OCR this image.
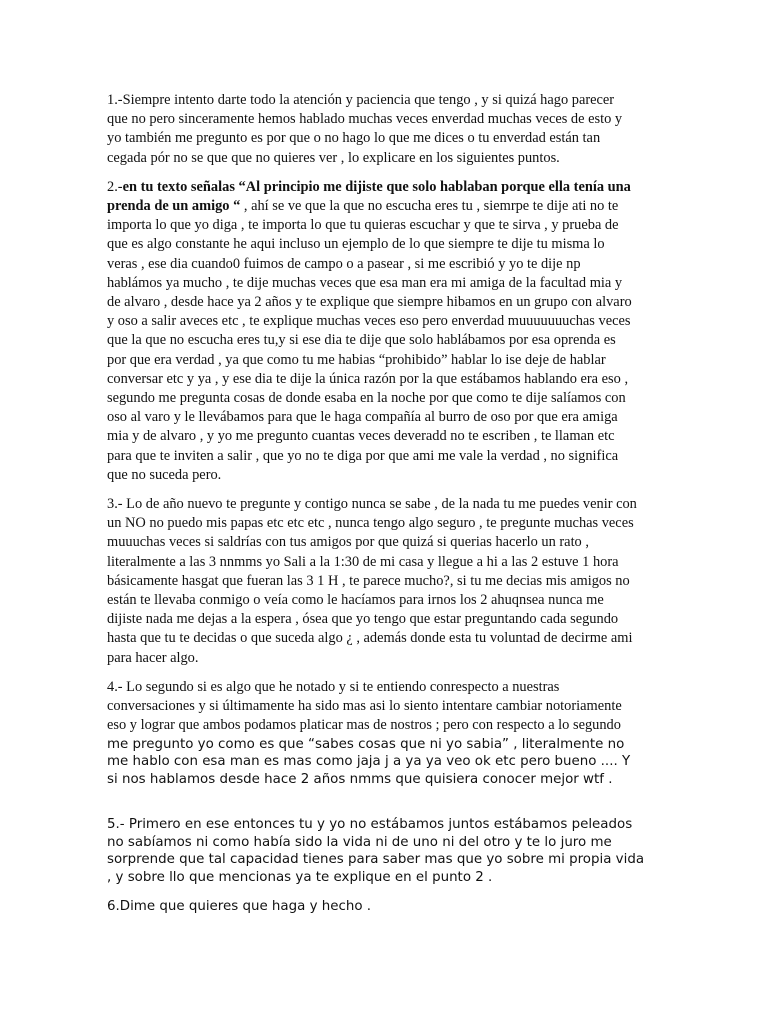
1.-Siempre intento darte todo la atención y paciencia que tengo , y si quizá hago parecer
que no pero sinceramente hemos hablado muchas veces enverdad muchas veces de esto y
yo también me pregunto es por que o no hago lo que me dices o tu enverdad están tan
cegada pór no se que que no quieres ver , lo explicare en los siguientes puntos.

2.-en tu texto señalas “Al principio me dijiste que solo hablaban porque ella tenía una
prenda de un amigo “ , ahí se ve que la que no escucha eres tu , siemrpe te dije ati no te
importa lo que yo diga , te importa lo que tu quieras escuchar y que te sirva , y prueba de
que es algo constante he aqui incluso un ejemplo de lo que siempre te dije tu misma lo
veras , ese dia cuando0 fuimos de campo o a pasear , si me escribió y yo te dije np
hablámos ya mucho , te dije muchas veces que esa man era mi amiga de la facultad mia y
de alvaro , desde hace ya 2 años y te explique que siempre hibamos en un grupo con alvaro
y oso a salir aveces etc , te explique muchas veces eso pero enverdad muuuuuuuchas veces
que la que no escucha eres tu,y si ese dia te dije que solo hablábamos por esa oprenda es
por que era verdad , ya que como tu me habias “prohibido” hablar lo ise deje de hablar
conversar etc y ya , y ese dia te dije la única razón por la que estábamos hablando era eso ,
segundo me pregunta cosas de donde esaba en la noche por que como te dije salíamos con
oso al varo y le llevábamos para que le haga compañía al burro de oso por que era amiga
mia y de alvaro , y yo me pregunto cuantas veces deveradd no te escriben , te llaman etc
para que te inviten a salir , que yo no te diga por que ami me vale la verdad , no significa
que no suceda pero.

3.- Lo de año nuevo te pregunte y contigo nunca se sabe , de la nada tu me puedes venir con
un NO no puedo mis papas etc etc etc , nunca tengo algo seguro , te pregunte muchas veces
muuuchas veces si saldrías con tus amigos por que quizá si querias hacerlo un rato ,
literalmente a las 3 nnmms yo Sali a la 1:30 de mi casa y llegue a hi a las 2 estuve 1 hora
básicamente hasgat que fueran las 3 1 H , te parece mucho?, si tu me decias mis amigos no
están te llevaba conmigo o veía como le hacíamos para irnos los 2 ahuqnsea nunca me
dijiste nada me dejas a la espera , ósea que yo tengo que estar preguntando cada segundo
hasta que tu te decidas o que suceda algo ¿ , además donde esta tu voluntad de decirme ami
para hacer algo.

4.- Lo segundo si es algo que he notado y si te entiendo conrespecto a nuestras
conversaciones y si últimamente ha sido mas asi lo siento intentare cambiar notoriamente
eso y lograr que ambos podamos platicar mas de nostros ; pero con respecto a lo segundo

me pregunto yo como es que “sabes cosas que ni yo sabia” , literalmente no
me hablo con esa man es mas como jaja j a ya ya veo ok etc pero bueno .... Y
si nos hablamos desde hace 2 años nmms que quisiera conocer mejor wtf .

5.- Primero en ese entonces tu y yo no estábamos juntos estábamos peleados
no sabíamos ni como había sido la vida ni de uno ni del otro y te lo juro me
sorprende que tal capacidad tienes para saber mas que yo sobre mi propia vida
, y sobre llo que mencionas ya te explique en el punto 2 .

6.Dime que quieres que haga y hecho .
